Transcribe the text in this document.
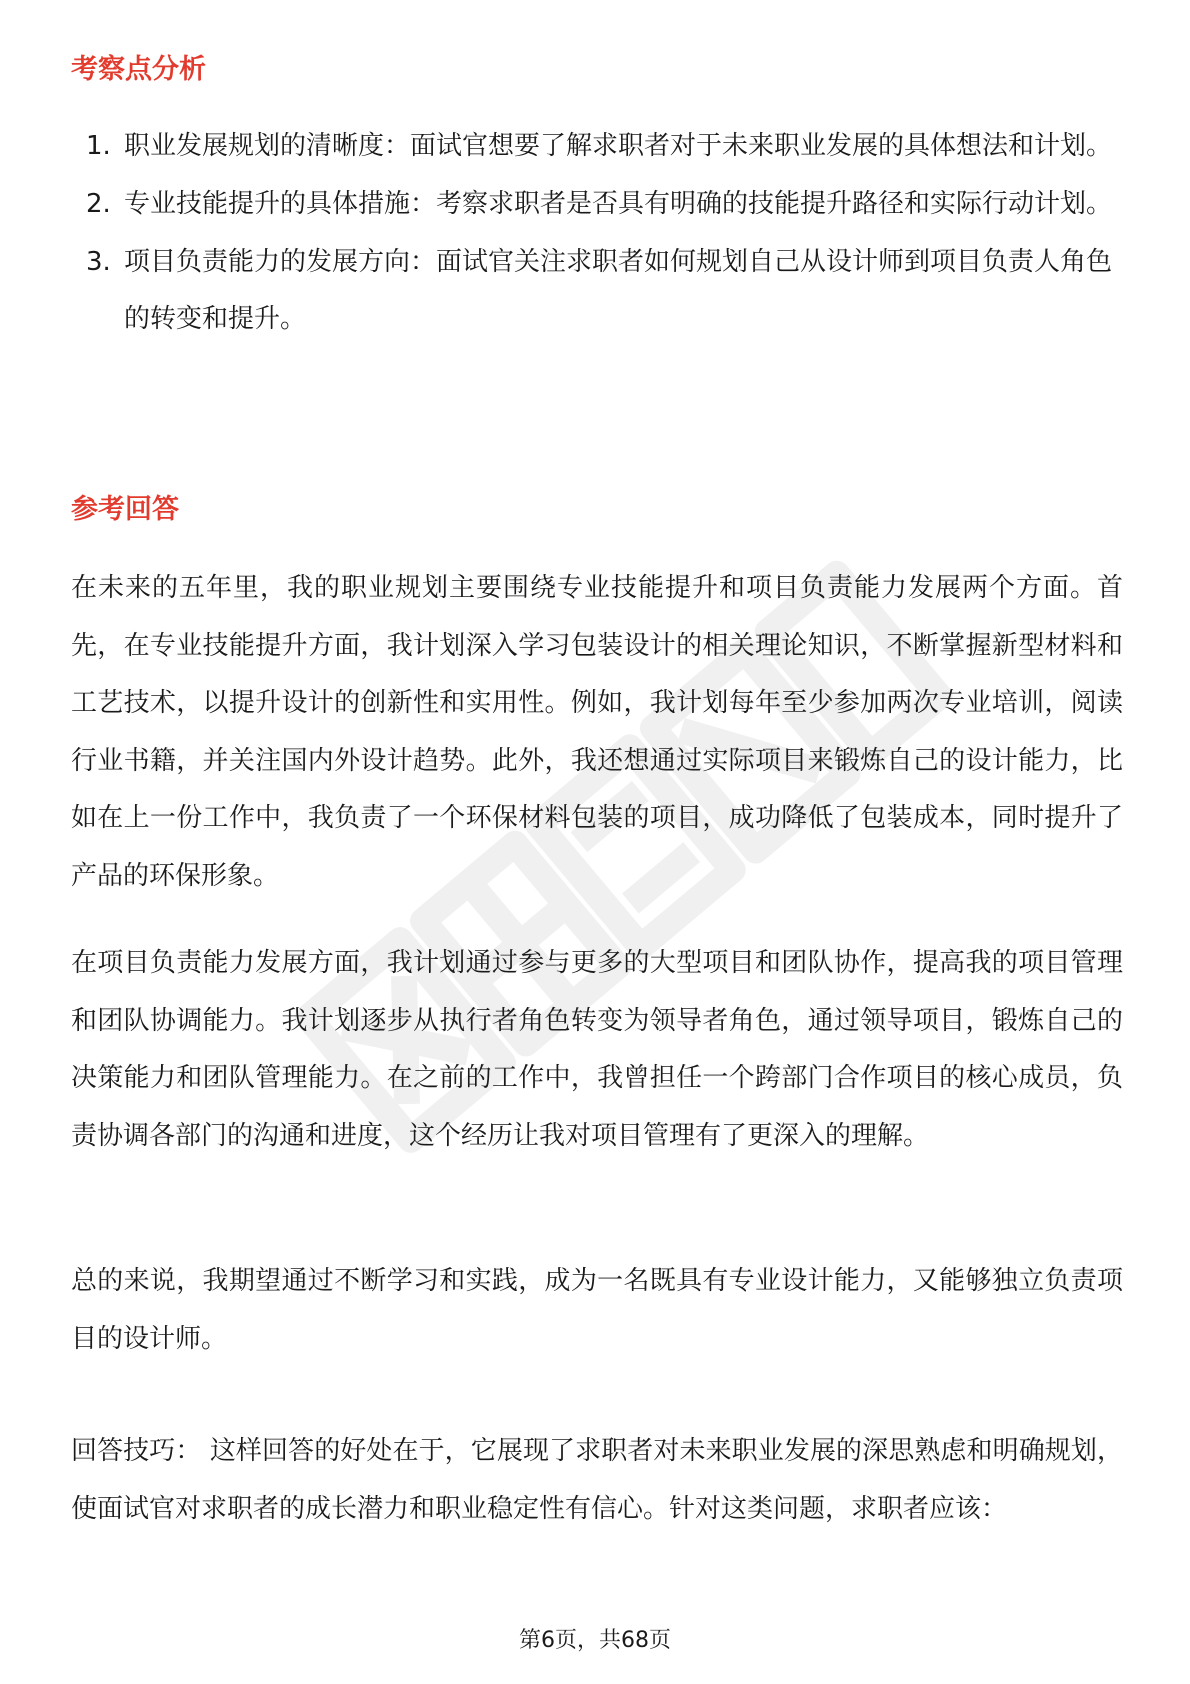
考察点分析
1. 职业发展规划的清晰度：面试官想要了解求职者对于未来职业发展的具体想法和计划。
2. 专业技能提升的具体措施：考察求职者是否具有明确的技能提升路径和实际行动计划。
3. 项目负责能力的发展方向：面试官关注求职者如何规划自己从设计师到项目负责人角色的转变和提升。
参考回答

在未来的五年里，我的职业规划主要围绕专业技能提升和项目负责能力发展两个方面。首先，在专业技能提升方面，我计划深入学习包装设计的相关理论知识，不断掌握新型材料和工艺技术，以提升设计的创新性和实用性。例如，我计划每年至少参加两次专业培训，阅读行业书籍，并关注国内外设计趋势。此外，我还想通过实际项目来锻炼自己的设计能力，比如在上一份工作中，我负责了一个环保材料包装的项目，成功降低了包装成本，同时提升了产品的环保形象。

在项目负责能力发展方面，我计划通过参与更多的大型项目和团队协作，提高我的项目管理和团队协调能力。我计划逐步从执行者角色转变为领导者角色，通过领导项目，锻炼自己的决策能力和团队管理能力。在之前的工作中，我曾担任一个跨部门合作项目的核心成员，负责协调各部门的沟通和进度，这个经历让我对项目管理有了更深入的理解。

总的来说，我期望通过不断学习和实践，成为一名既具有专业设计能力，又能够独立负责项目的设计师。

回答技巧： 这样回答的好处在于，它展现了求职者对未来职业发展的深思熟虑和明确规划，使面试官对求职者的成长潜力和职业稳定性有信心。针对这类问题，求职者应该：

第6页，共68页
